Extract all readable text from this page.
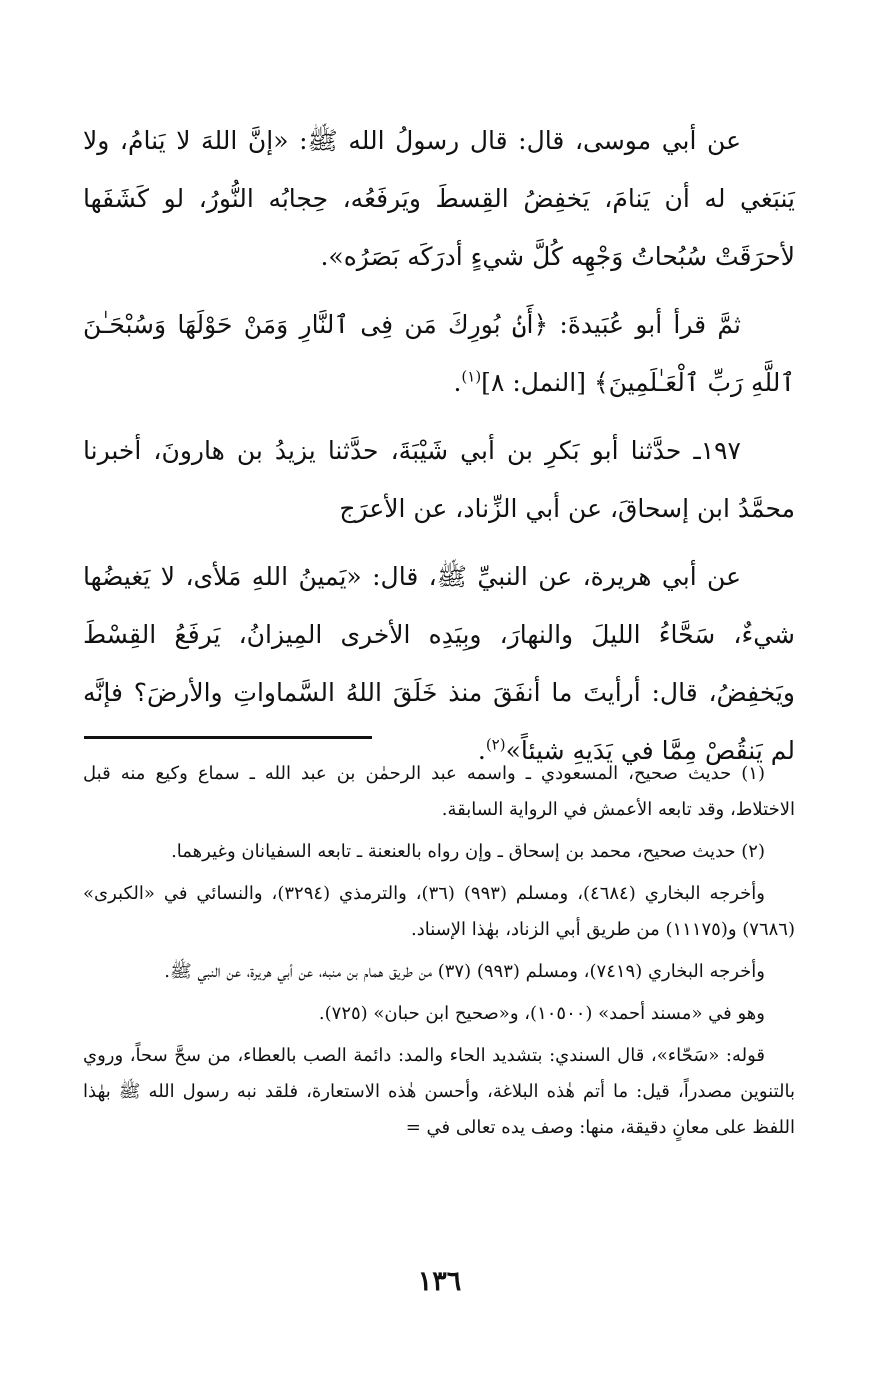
عن أبي موسى، قال: قال رسولُ الله ﷺ: «إنَّ اللهَ لا يَنامُ، ولا يَنبَغي له أن يَنامَ، يَخفِضُ القِسطَ ويَرفَعُه، حِجابُه النُّورُ، لو كَشَفَها لأحرَقَتْ سُبُحاتُ وَجْهِه كُلَّ شيءٍ أدرَكَه بَصَرُه».

ثمَّ قرأ أبو عُبَيدةَ: ﴿أَنۢ بُورِكَ مَن فِى ٱلنَّارِ وَمَنْ حَوْلَهَا وَسُبْحَـٰنَ ٱللَّهِ رَبِّ ٱلْعَـٰلَمِينَ﴾ [النمل: ٨]$^{(١)}$.

١٩٧ـ حدَّثنا أبو بَكرِ بن أبي شَيْبَةَ، حدَّثنا يزيدُ بن هارونَ، أخبرنا محمَّدُ ابن إسحاقَ، عن أبي الزِّناد، عن الأعرَج

عن أبي هريرة، عن النبيِّ ﷺ، قال: «يَمينُ اللهِ مَلأى، لا يَغيضُها شيءٌ، سَحَّاءُ الليلَ والنهارَ، وبِيَدِه الأخرى المِيزانُ، يَرفَعُ القِسْطَ ويَخفِضُ، قال: أرأيتَ ما أنفَقَ منذ خَلَقَ اللهُ السَّماواتِ والأرضَ؟ فإنَّه لم يَنقُصْ مِمَّا في يَدَيهِ شيئاً»$^{(٢)}$.

(١) حديث صحيح، المسعودي ـ واسمه عبد الرحمٰن بن عبد الله ـ سماع وكيع منه قبل الاختلاط، وقد تابعه الأعمش في الرواية السابقة.

(٢) حديث صحيح، محمد بن إسحاق ـ وإن رواه بالعنعنة ـ تابعه السفيانان وغيرهما.

وأخرجه البخاري (٤٦٨٤)، ومسلم (٩٩٣) (٣٦)، والترمذي (٣٢٩٤)، والنسائي في «الكبرى» (٧٦٨٦) و(١١١٧٥) من طريق أبي الزناد، بهٰذا الإسناد.

وأخرجه البخاري (٧٤١٩)، ومسلم (٩٩٣) (٣٧) من طريق همام بن منبه، عن أبي هريرة، عن النبي ﷺ.

وهو في «مسند أحمد» (١٠٥٠٠)، و«صحيح ابن حبان» (٧٢٥).

قوله: «سَحّاء»، قال السندي: بتشديد الحاء والمد: دائمة الصب بالعطاء، من سحَّ سحاً، وروي بالتنوين مصدراً، قيل: ما أتم هٰذه البلاغة، وأحسن هٰذه الاستعارة، فلقد نبه رسول الله ﷺ بهٰذا اللفظ على معانٍ دقيقة، منها: وصف يده تعالى في =

١٣٦
